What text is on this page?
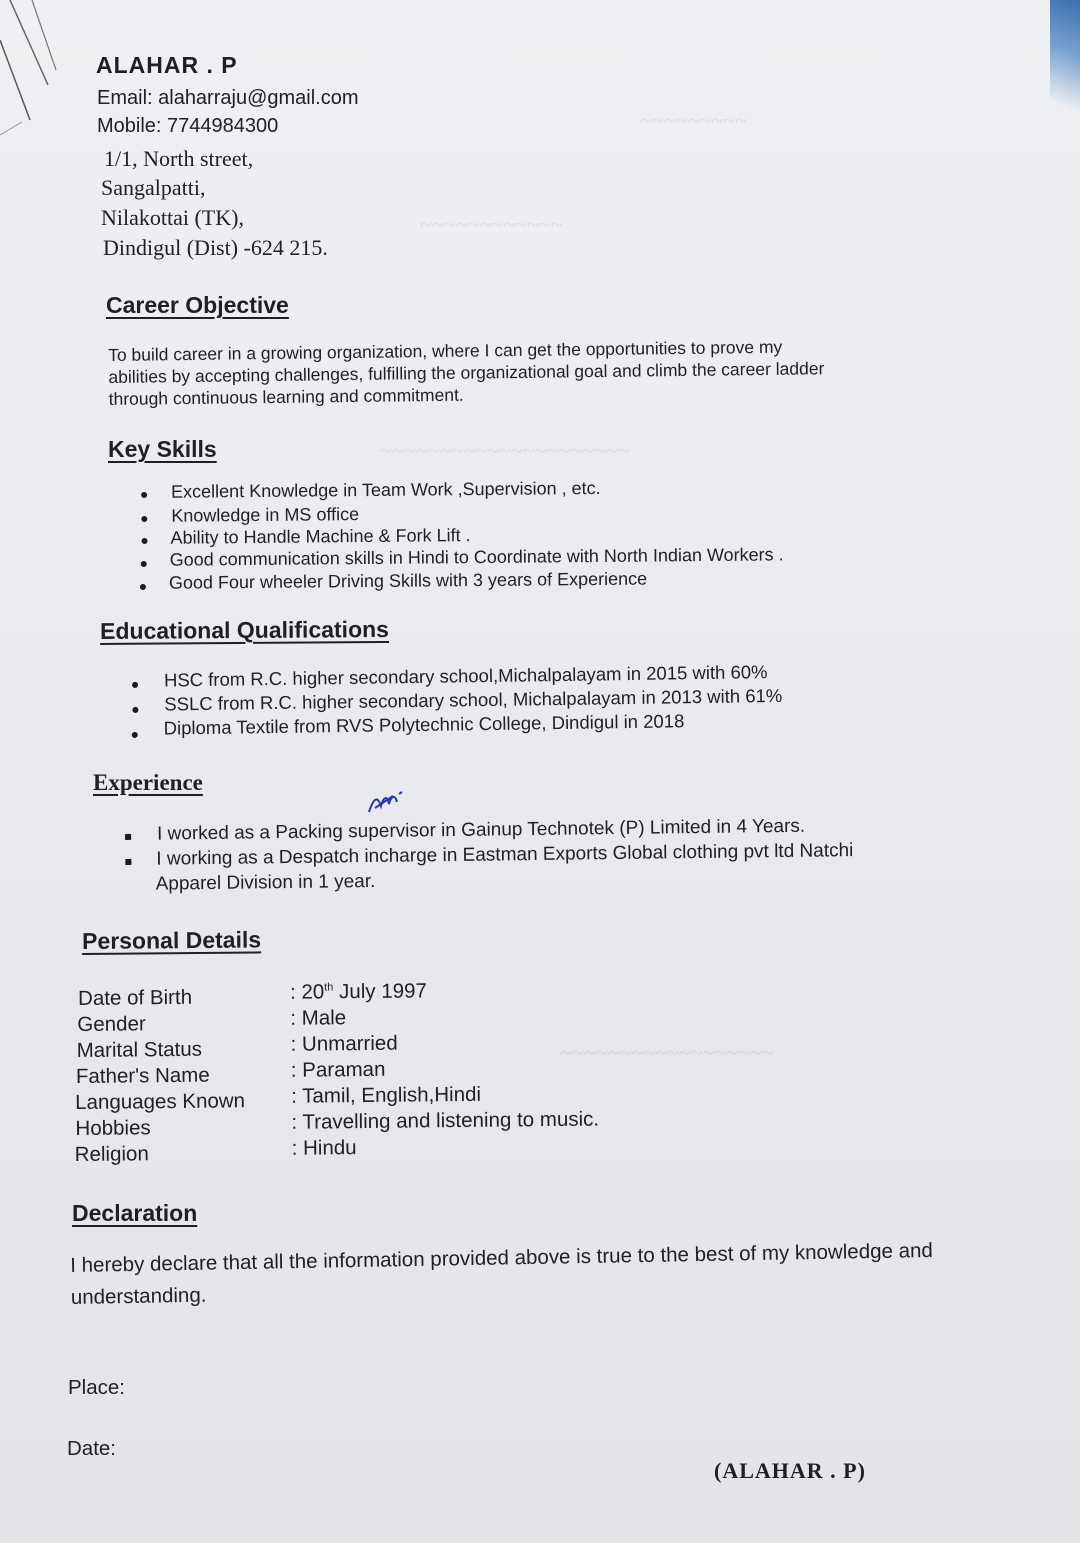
~~~~~~~~~
~~~~~~~~~~~~
~~~~~~~~~~~~~~~~~~~~~
~~~~~~~~~~~~~~~~~~
ALAHAR . P
Email: alaharraju@gmail.com
Mobile: 7744984300
1/1, North street,
Sangalpatti,
Nilakottai (TK),
Dindigul (Dist) -624 215.
Career Objective
To build career in a growing organization, where I can get the opportunities to prove my
abilities by accepting challenges, fulfilling the organizational goal and climb the career ladder
through continuous learning and commitment.
Key Skills
Excellent Knowledge in Team Work ,Supervision , etc.
Knowledge in MS office
Ability to Handle Machine & Fork Lift .
Good communication skills in Hindi to Coordinate with North Indian Workers .
Good Four wheeler Driving Skills with 3 years of Experience
Educational Qualifications
HSC from R.C. higher secondary school,Michalpalayam in 2015 with 60%
SSLC from R.C. higher secondary school, Michalpalayam in 2013 with 61%
Diploma Textile from RVS Polytechnic College, Dindigul in 2018
Experience
I worked as a Packing supervisor in Gainup Technotek (P) Limited in 4 Years.
I working as a Despatch incharge in Eastman Exports Global clothing pvt ltd Natchi
Apparel Division in 1 year.
Personal Details
Date of Birth	: 20th July 1997
Gender	: Male
Marital Status	: Unmarried
Father's Name	: Paraman
Languages Known : Tamil, English,Hindi
Hobbies	: Travelling and listening to music.
Religion	: Hindu
Declaration
I hereby declare that all the information provided above is true to the best of my knowledge and understanding.
Place:
Date:
(ALAHAR . P)
